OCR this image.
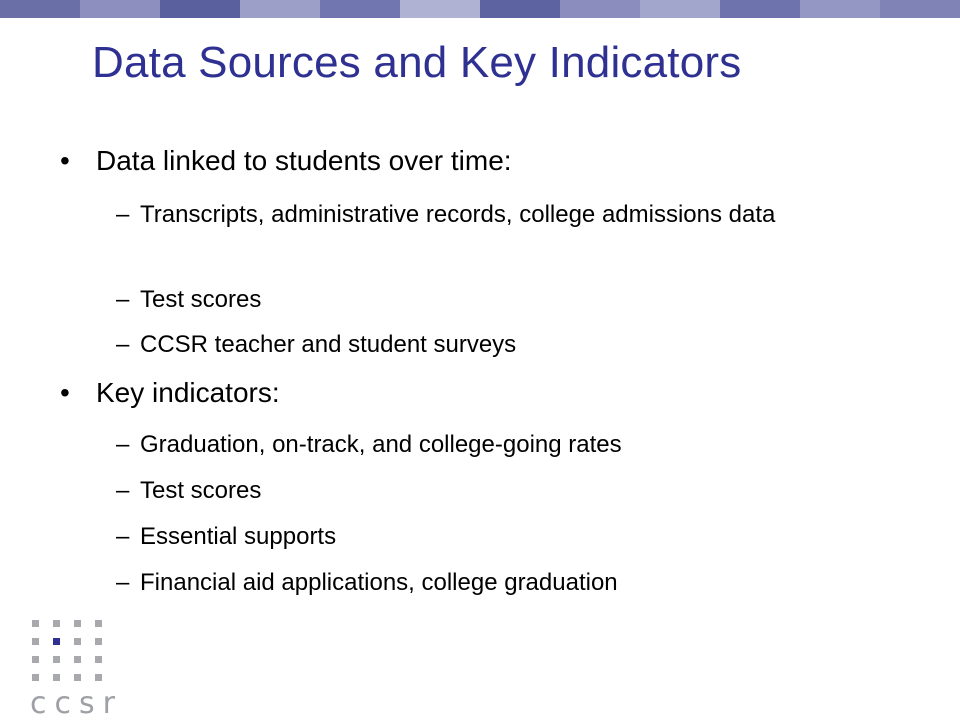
Data Sources and Key Indicators
• Data linked to students over time:
– Transcripts, administrative records, college admissions data
– Test scores
– CCSR teacher and student surveys
• Key indicators:
– Graduation, on-track, and college-going rates
– Test scores
– Essential supports
– Financial aid applications, college graduation
ccsr
